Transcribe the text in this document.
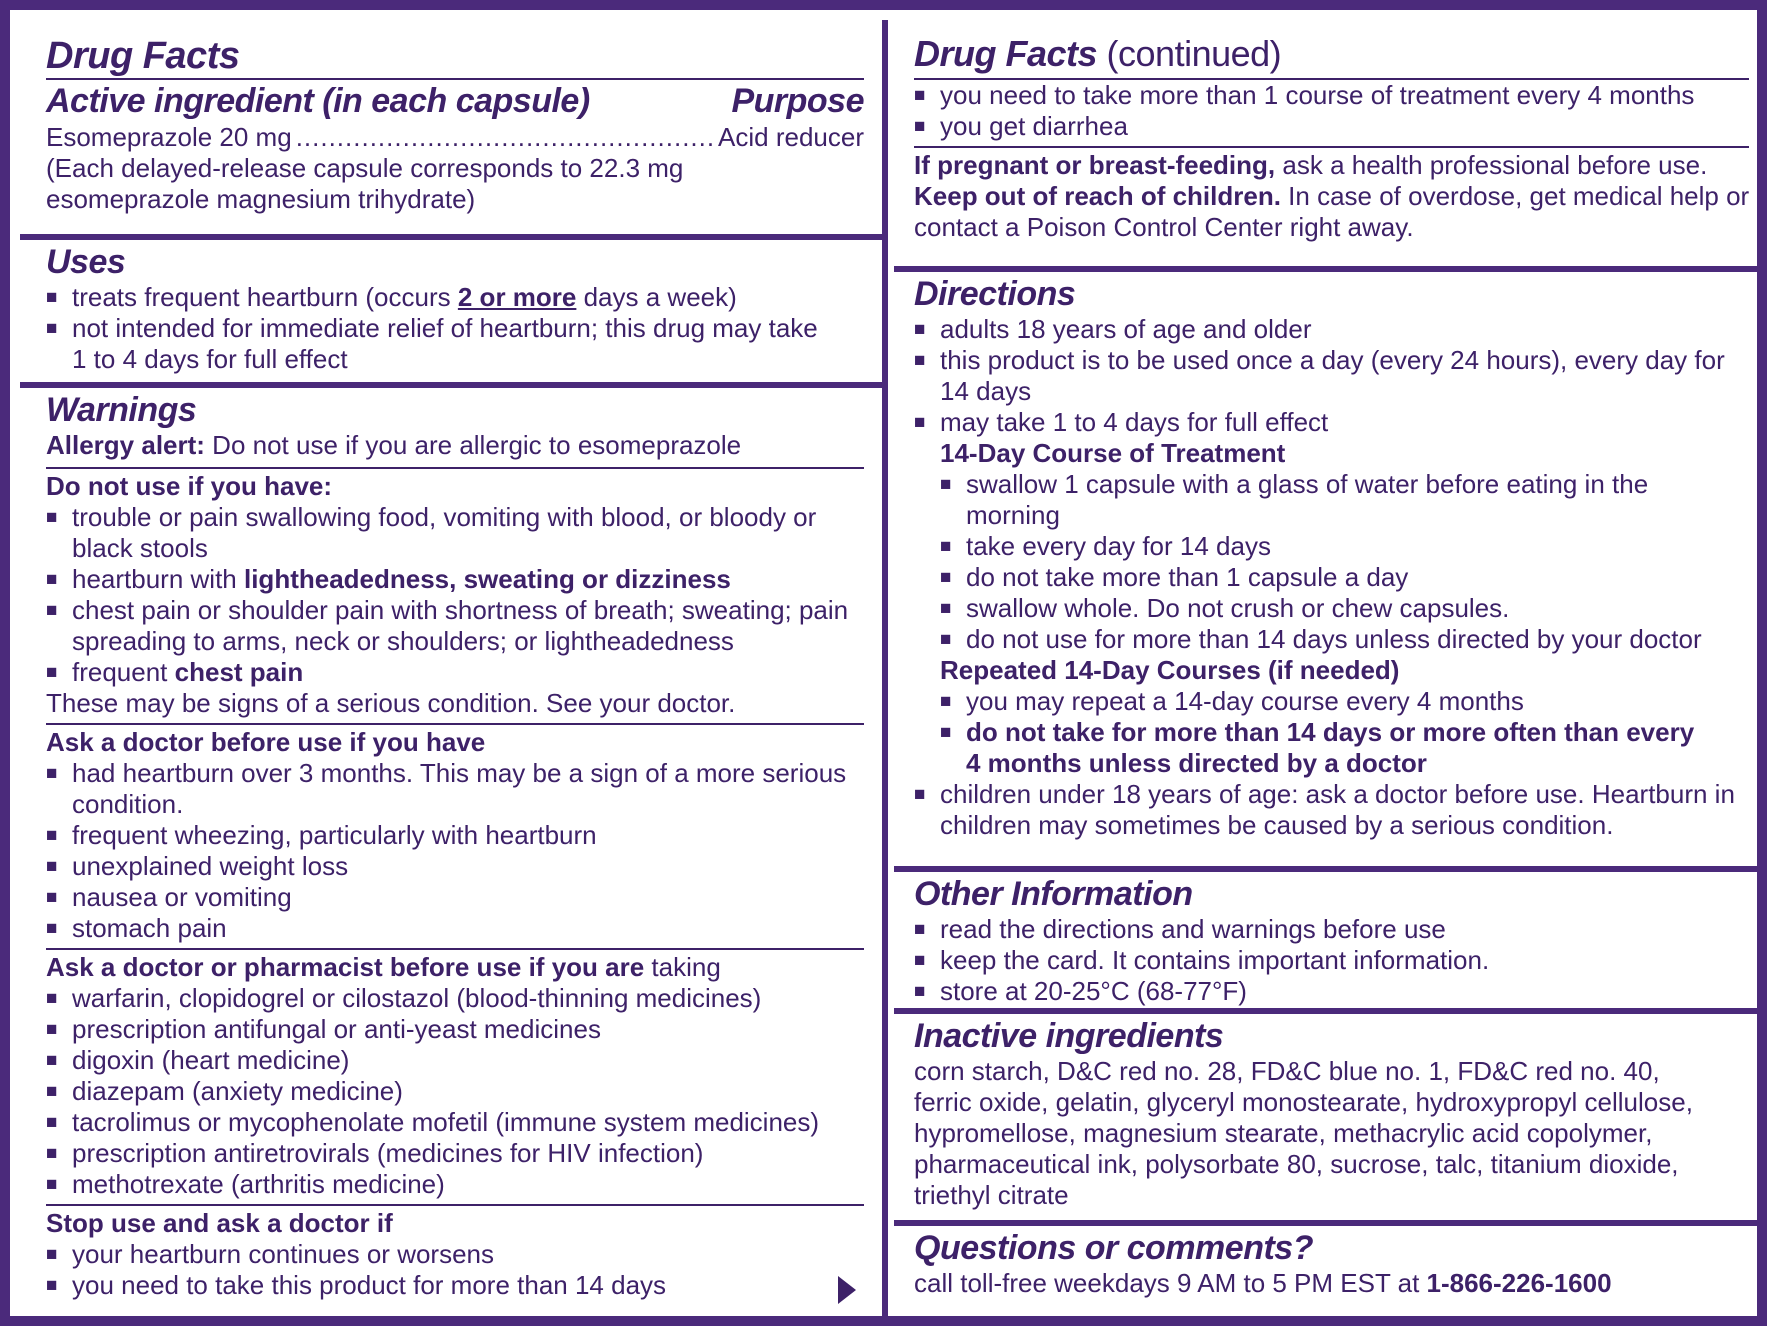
Drug Facts
Active ingredient (in each capsule)	Purpose
Esomeprazole 20 mg
.....	Acid reducer
(Each delayed-release capsule corresponds to 22.3 mg
esomeprazole magnesium trihydrate)
Uses
■ treats frequent heartburn (occurs 2 or more days a week)
■ not intended for immediate relief of heartburn; this drug may take
1 to 4 days for full effect
Warnings
Allergy alert: Do not use if you are allergic to esomeprazole
Do not use if you have:
■ trouble or pain swallowing food, vomiting with blood, or bloody or
black stools
■ heartburn with lightheadedness, sweating or dizziness
■ chest pain or shoulder pain with shortness of breath; sweating; pain
spreading to arms, neck or shoulders; or lightheadedness
■ frequent chest pain
These may be signs of a serious condition. See your doctor.
Ask a doctor before use if you have
■ had heartburn over 3 months. This may be a sign of a more serious
condition.
■ frequent wheezing, particularly with heartburn
■ unexplained weight loss
■ nausea or vomiting
■ stomach pain
Ask a doctor or pharmacist before use if you are taking
■ warfarin, clopidogrel or cilostazol (blood-thinning medicines)
■ prescription antifungal or anti-yeast medicines
■ digoxin (heart medicine)
■ diazepam (anxiety medicine)
■ tacrolimus or mycophenolate mofetil (immune system medicines)
■ prescription antiretrovirals (medicines for HIV infection)
■ methotrexate (arthritis medicine)
Stop use and ask a doctor if
■ your heartburn continues or worsens
■ you need to take this product for more than 14 days
Drug Facts (continued)
■ you need to take more than 1 course of treatment every 4 months
■ you get diarrhea
If pregnant or breast-feeding, ask a health professional before use.
Keep out of reach of children. In case of overdose, get medical help or
contact a Poison Control Center right away.
Directions
■ adults 18 years of age and older
■ this product is to be used once a day (every 24 hours), every day for
14 days
■ may take 1 to 4 days for full effect
14-Day Course of Treatment
■ swallow 1 capsule with a glass of water before eating in the
morning
■ take every day for 14 days
■ do not take more than 1 capsule a day
■ swallow whole. Do not crush or chew capsules.
■ do not use for more than 14 days unless directed by your doctor
Repeated 14-Day Courses (if needed)
■ you may repeat a 14-day course every 4 months
■ do not take for more than 14 days or more often than every
4 months unless directed by a doctor
■ children under 18 years of age: ask a doctor before use. Heartburn in
children may sometimes be caused by a serious condition.
Other Information
■ read the directions and warnings before use
■ keep the card. It contains important information.
■ store at 20-25°C (68-77°F)
Inactive ingredients
corn starch, D&C red no. 28, FD&C blue no. 1, FD&C red no. 40,
ferric oxide, gelatin, glyceryl monostearate, hydroxypropyl cellulose,
hypromellose, magnesium stearate, methacrylic acid copolymer,
pharmaceutical ink, polysorbate 80, sucrose, talc, titanium dioxide,
triethyl citrate
Questions or comments?
call toll-free weekdays 9 AM to 5 PM EST at 1-866-226-1600
